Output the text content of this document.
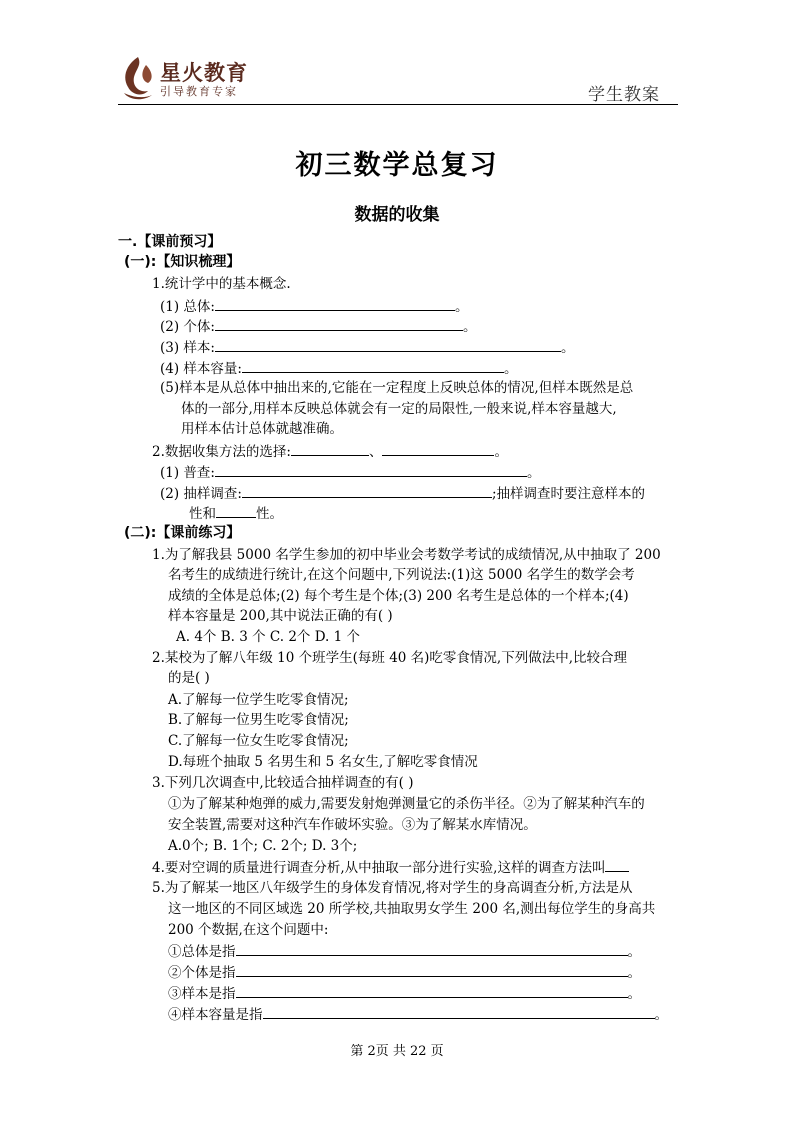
星火教育
引导教育专家	学生教案
初三数学总复习
数据的收集
一.【课前预习】
(一):【知识梳理】
1.统计学中的基本概念.
(1) 总体:	。
(2) 个体:	。
(3) 样本:	。
(4) 样本容量:	。
(5)样本是从总体中抽出来的,它能在一定程度上反映总体的情况,但样本既然是总
体的一部分,用样本反映总体就会有一定的局限性,一般来说,样本容量越大,
用样本估计总体就越准确。
2.数据收集方法的选择:	、	。
(1) 普查:	。
(2) 抽样调查:	;抽样调查时要注意样本的
性和	性。
(二):【课前练习】
1.为了解我县 5000 名学生参加的初中毕业会考数学考试的成绩情况,从中抽取了 200
名考生的成绩进行统计,在这个问题中,下列说法:(1)这 5000 名学生的数学会考
成绩的全体是总体;(2) 每个考生是个体;(3) 200 名考生是总体的一个样本;(4)
样本容量是 200,其中说法正确的有( )
A. 4个 B. 3 个 C. 2个 D. 1 个
2.某校为了解八年级 10 个班学生(每班 40 名)吃零食情况,下列做法中,比较合理
的是( )
A.了解每一位学生吃零食情况;
B.了解每一位男生吃零食情况;
C.了解每一位女生吃零食情况;
D.每班个抽取 5 名男生和 5 名女生,了解吃零食情况
3.下列几次调查中,比较适合抽样调查的有( )
①为了解某种炮弹的威力,需要发射炮弹测量它的杀伤半径。②为了解某种汽车的
安全装置,需要对这种汽车作破坏实验。③为了解某水库情况。
A.0个; B. 1个; C. 2个; D. 3个;
4.要对空调的质量进行调查分析,从中抽取一部分进行实验,这样的调查方法叫
5.为了解某一地区八年级学生的身体发育情况,将对学生的身高调查分析,方法是从
这一地区的不同区域选 20 所学校,共抽取男女学生 200 名,测出每位学生的身高共
200 个数据,在这个问题中:
①总体是指	。
②个体是指	。
③样本是指	。
④样本容量是指	。
第 2页 共 22 页
